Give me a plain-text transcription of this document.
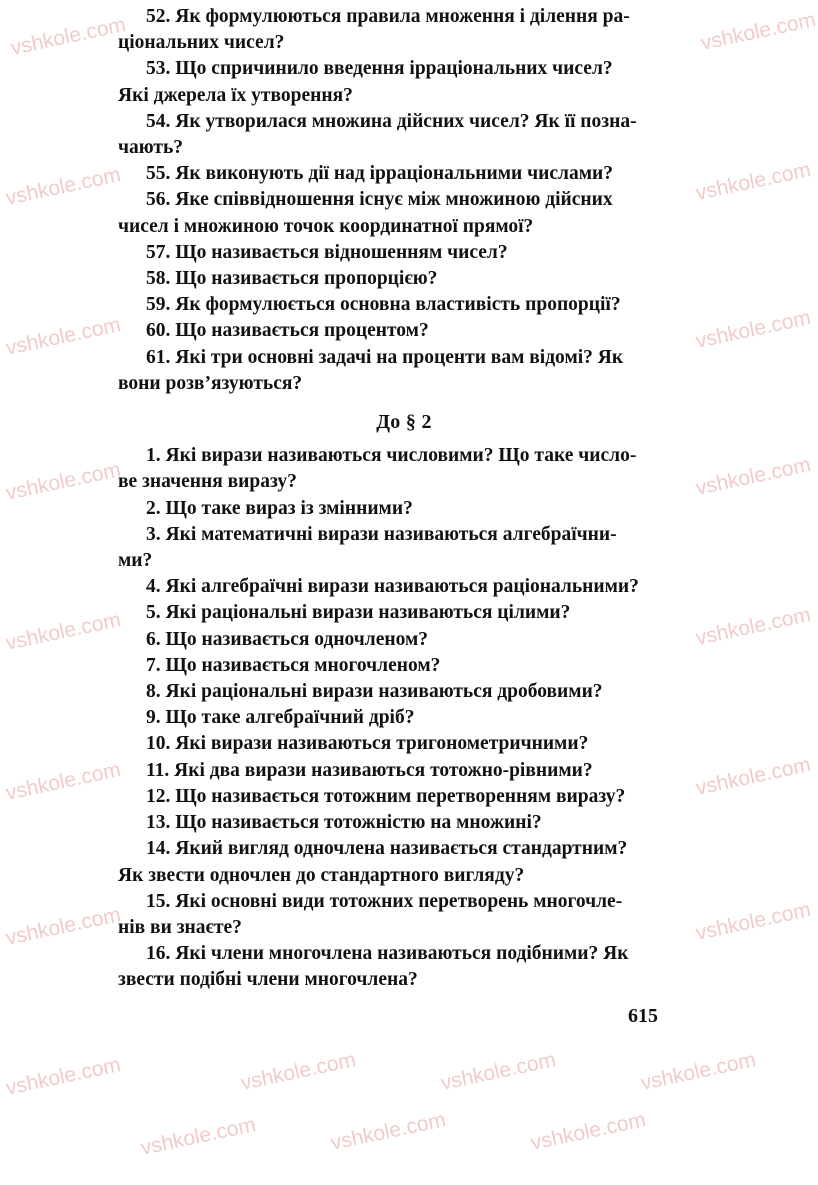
vshkole.com	vshkole.com
vshkole.com	vshkole.com
vshkole.com	vshkole.com
vshkole.com	vshkole.com
vshkole.com	vshkole.com
vshkole.com	vshkole.com
vshkole.com	vshkole.com
vshkole.com	vshkole.com	vshkole.com	vshkole.com
vshkole.com	vshkole.com	vshkole.com
52. Як формулюються правила множення і ділення ра-
ціональних чисел?
53. Що спричинило введення ірраціональних чисел?
Які джерела їх утворення?
54. Як утворилася множина дійсних чисел? Як її позна-
чають?
55. Як виконують дії над ірраціональними числами?
56. Яке співвідношення існує між множиною дійсних
чисел і множиною точок координатної прямої?
57. Що називається відношенням чисел?
58. Що називається пропорцією?
59. Як формулюється основна властивість пропорції?
60. Що називається процентом?
61. Які три основні задачі на проценти вам відомі? Як
вони розв’язуються?
До § 2
1. Які вирази називаються числовими? Що таке число-
ве значення виразу?
2. Що таке вираз із змінними?
3. Які математичні вирази називаються алгебраїчни-
ми?
4. Які алгебраїчні вирази називаються раціональними?
5. Які раціональні вирази називаються цілими?
6. Що називається одночленом?
7. Що називається многочленом?
8. Які раціональні вирази називаються дробовими?
9. Що таке алгебраїчний дріб?
10. Які вирази називаються тригонометричними?
11. Які два вирази називаються тотожно-рівними?
12. Що називається тотожним перетворенням виразу?
13. Що називається тотожністю на множині?
14. Який вигляд одночлена називається стандартним?
Як звести одночлен до стандартного вигляду?
15. Які основні види тотожних перетворень многочле-
нів ви знаєте?
16. Які члени многочлена називаються подібними? Як
звести подібні члени многочлена?
615
